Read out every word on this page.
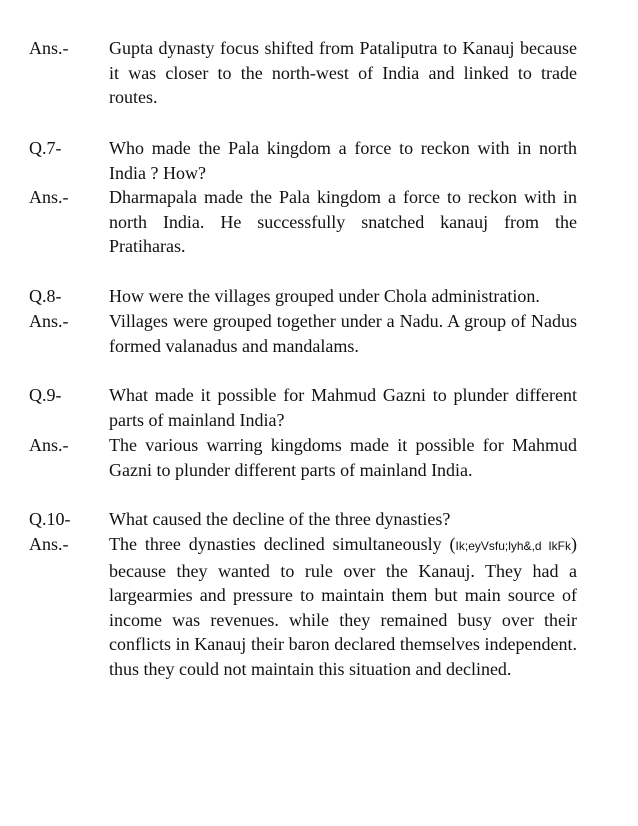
Ans.- Gupta dynasty focus shifted from Pataliputra to Kanauj because it was closer to the north-west of India and linked to trade routes.

Q.7-	Who made the Pala kingdom a force to reckon with in north India ? How?

Ans.- Dharmapala made the Pala kingdom a force to reckon with in north India. He successfully snatched kanauj from the Pratiharas.

Q.8-	How were the villages grouped under Chola administration.

Ans.- Villages were grouped together under a Nadu. A group of Nadus formed valanadus and mandalams.

Q.9-	What made it possible for Mahmud Gazni to plunder different parts of mainland India?

Ans.- The various warring kingdoms made it possible for Mahmud Gazni to plunder different parts of mainland India.

Q.10- What caused the decline of the three dynasties?

Ans.- The three dynasties declined simultaneously (Ik;eyVsfu;lyh&,d IkFk) because they wanted to rule over the Kanauj. They had a largearmies and pressure to maintain them but main source of income was revenues. while they remained busy over their conflicts in Kanauj their baron declared themselves independent. thus they could not maintain this situation and declined.
